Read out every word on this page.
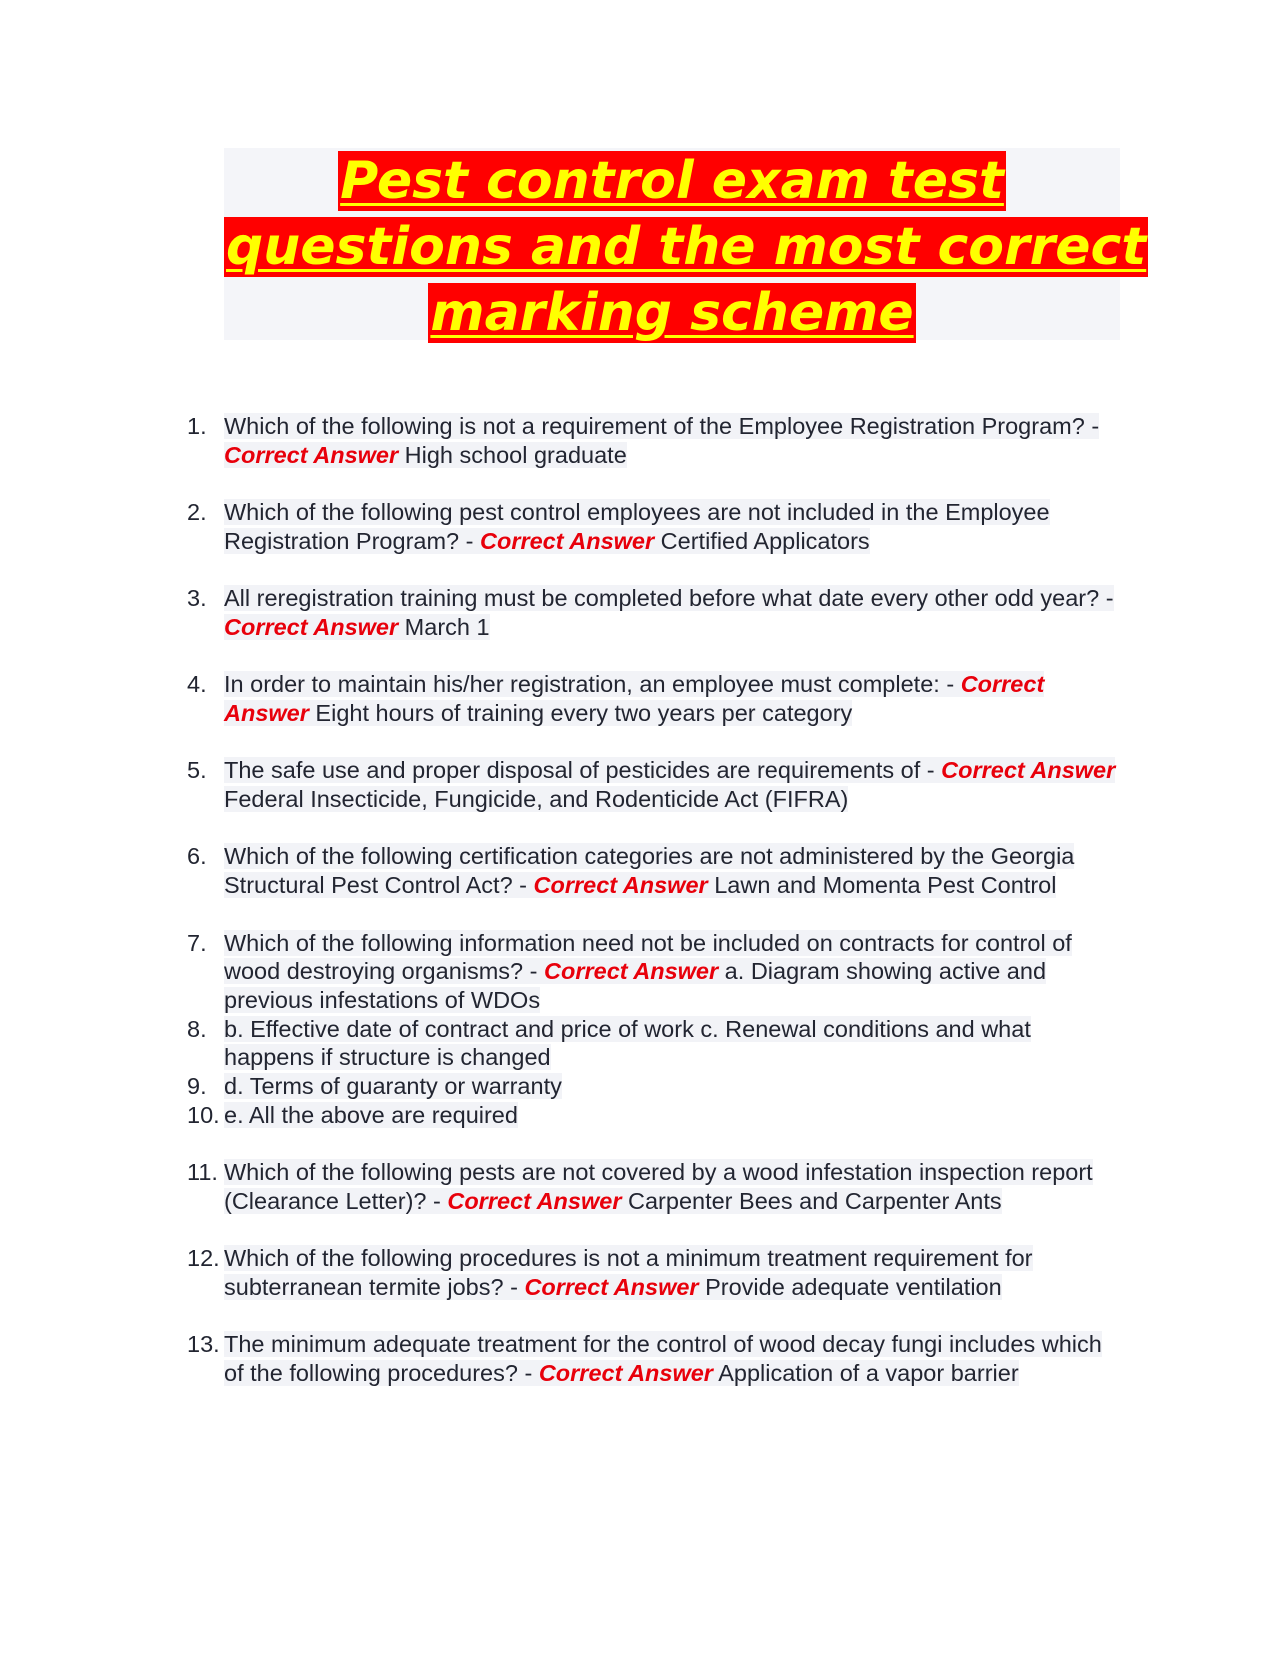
Pest control exam test
questions and the most correct
marking scheme
1. Which of the following is not a requirement of the Employee Registration Program? - Correct Answer High school graduate
2. Which of the following pest control employees are not included in the Employee Registration Program? - Correct Answer Certified Applicators
3. All reregistration training must be completed before what date every other odd year? - Correct Answer March 1
4. In order to maintain his/her registration, an employee must complete: - Correct Answer Eight hours of training every two years per category
5. The safe use and proper disposal of pesticides are requirements of - Correct Answer Federal Insecticide, Fungicide, and Rodenticide Act (FIFRA)
6. Which of the following certification categories are not administered by the Georgia Structural Pest Control Act? - Correct Answer Lawn and Momenta Pest Control
7. Which of the following information need not be included on contracts for control of wood destroying organisms? - Correct Answer a. Diagram showing active and previous infestations of WDOs
8. b. Effective date of contract and price of work c. Renewal conditions and what happens if structure is changed
9. d. Terms of guaranty or warranty
10. e. All the above are required
11. Which of the following pests are not covered by a wood infestation inspection report (Clearance Letter)? - Correct Answer Carpenter Bees and Carpenter Ants
12. Which of the following procedures is not a minimum treatment requirement for subterranean termite jobs? - Correct Answer Provide adequate ventilation
13. The minimum adequate treatment for the control of wood decay fungi includes which of the following procedures? - Correct Answer Application of a vapor barrier
